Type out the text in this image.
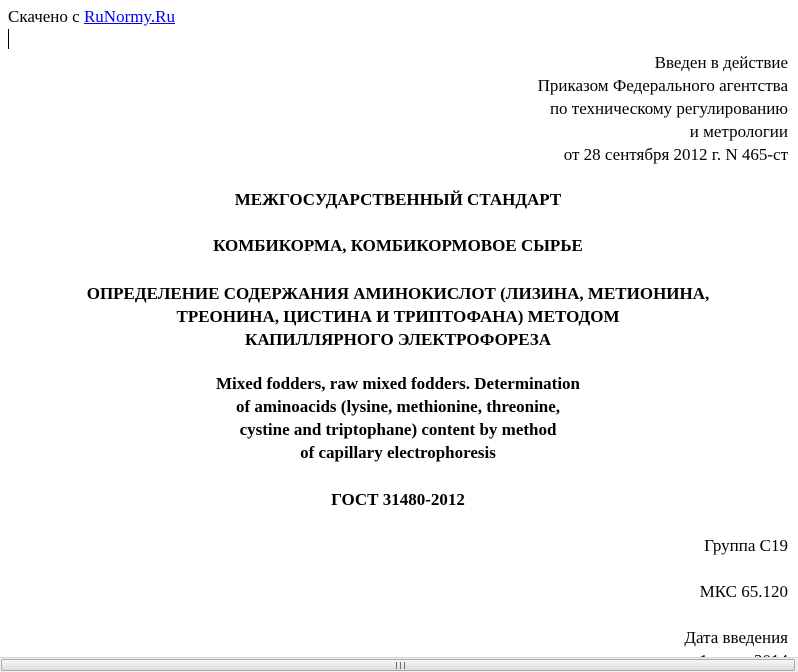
Скачено с RuNormy.Ru
Введен в действие
Приказом Федерального агентства
по техническому регулированию
и метрологии
от 28 сентября 2012 г. N 465-ст
МЕЖГОСУДАРСТВЕННЫЙ СТАНДАРТ
КОМБИКОРМА, КОМБИКОРМОВОЕ СЫРЬЕ
ОПРЕДЕЛЕНИЕ СОДЕРЖАНИЯ АМИНОКИСЛОТ (ЛИЗИНА, МЕТИОНИНА,
ТРЕОНИНА, ЦИСТИНА И ТРИПТОФАНА) МЕТОДОМ
КАПИЛЛЯРНОГО ЭЛЕКТРОФОРЕЗА
Mixed fodders, raw mixed fodders. Determination
of aminoacids (lysine, methionine, threonine,
cystine and triptophane) content by method
of capillary electrophoresis
ГОСТ 31480-2012
Группа С19
МКС 65.120
Дата введения
